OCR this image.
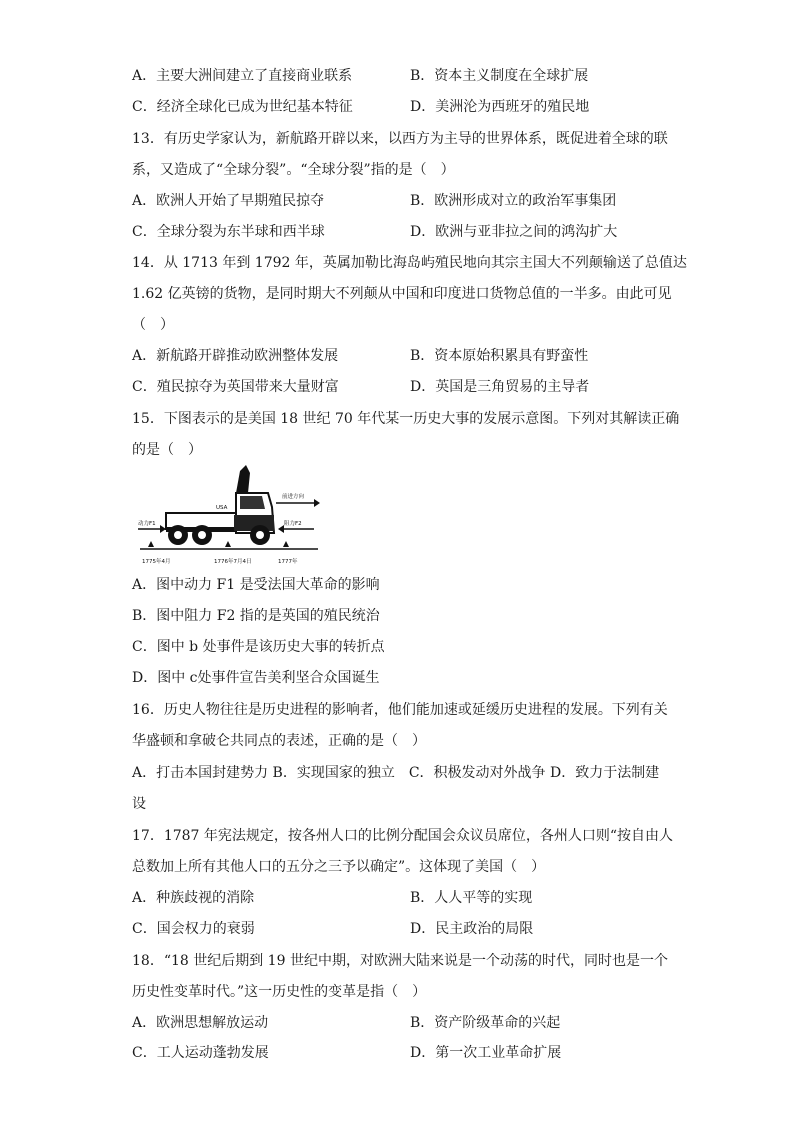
A．主要大洲间建立了直接商业联系	B．资本主义制度在全球扩展
C．经济全球化已成为世纪基本特征	D．美洲沦为西班牙的殖民地
13．有历史学家认为，新航路开辟以来，以西方为主导的世界体系，既促进着全球的联
系，又造成了“全球分裂”。“全球分裂”指的是（　）
A．欧洲人开始了早期殖民掠夺	B．欧洲形成对立的政治军事集团
C．全球分裂为东半球和西半球	D．欧洲与亚非拉之间的鸿沟扩大
14．从 1713 年到 1792 年，英属加勒比海岛屿殖民地向其宗主国大不列颠输送了总值达
1.62 亿英镑的货物，是同时期大不列颠从中国和印度进口货物总值的一半多。由此可见
（　）
A．新航路开辟推动欧洲整体发展	B．资本原始积累具有野蛮性
C．殖民掠夺为英国带来大量财富	D．英国是三角贸易的主导者
15．下图表示的是美国 18 世纪 70 年代某一历史大事的发展示意图。下列对其解读正确
的是（　）
USA
前进方向
阻力F2
动力F1
1775年4月	1776年7月4日	1777年
A．图中动力 F1 是受法国大革命的影响
B．图中阻力 F2 指的是英国的殖民统治
C．图中 b 处事件是该历史大事的转折点
D．图中 c处事件宣告美利坚合众国诞生
16．历史人物往往是历史进程的影响者，他们能加速或延缓历史进程的发展。下列有关
华盛顿和拿破仑共同点的表述，正确的是（　）
A．打击本国封建势力 B．实现国家的独立　C．积极发动对外战争 D．致力于法制建
设
17．1787 年宪法规定，按各州人口的比例分配国会众议员席位，各州人口则“按自由人
总数加上所有其他人口的五分之三予以确定”。这体现了美国（　）
A．种族歧视的消除	B．人人平等的实现
C．国会权力的衰弱	D．民主政治的局限
18．“18 世纪后期到 19 世纪中期，对欧洲大陆来说是一个动荡的时代，同时也是一个
历史性变革时代。”这一历史性的变革是指（　）
A．欧洲思想解放运动	B．资产阶级革命的兴起
C．工人运动蓬勃发展	D．第一次工业革命扩展
